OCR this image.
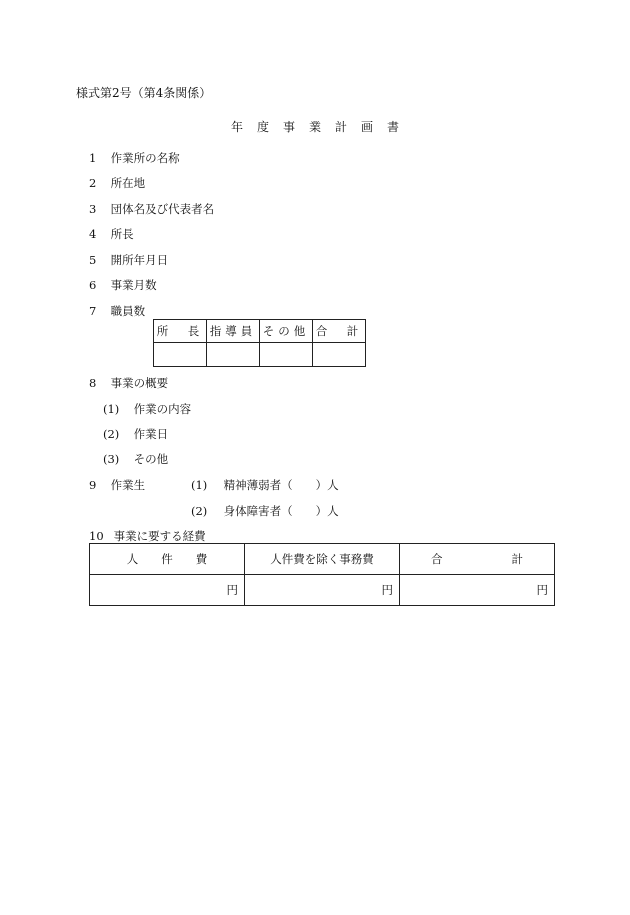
様式第2号（第4条関係）
年度事業計画書
1 作業所の名称
2 所在地
3 団体名及び代表者名
4 所長
5 開所年月日
6 事業月数
7 職員数
所　長	指導員	その他	合　計

8 事業の概要
(1) 作業の内容
(2) 作業日
(3) その他
9 作業生	(1) 精神薄弱者（　　）人
(2) 身体障害者（　　）人
10 事業に要する経費
人　　件　　費	人件費を除く事務費	合　　　　　　計
円	円	円
